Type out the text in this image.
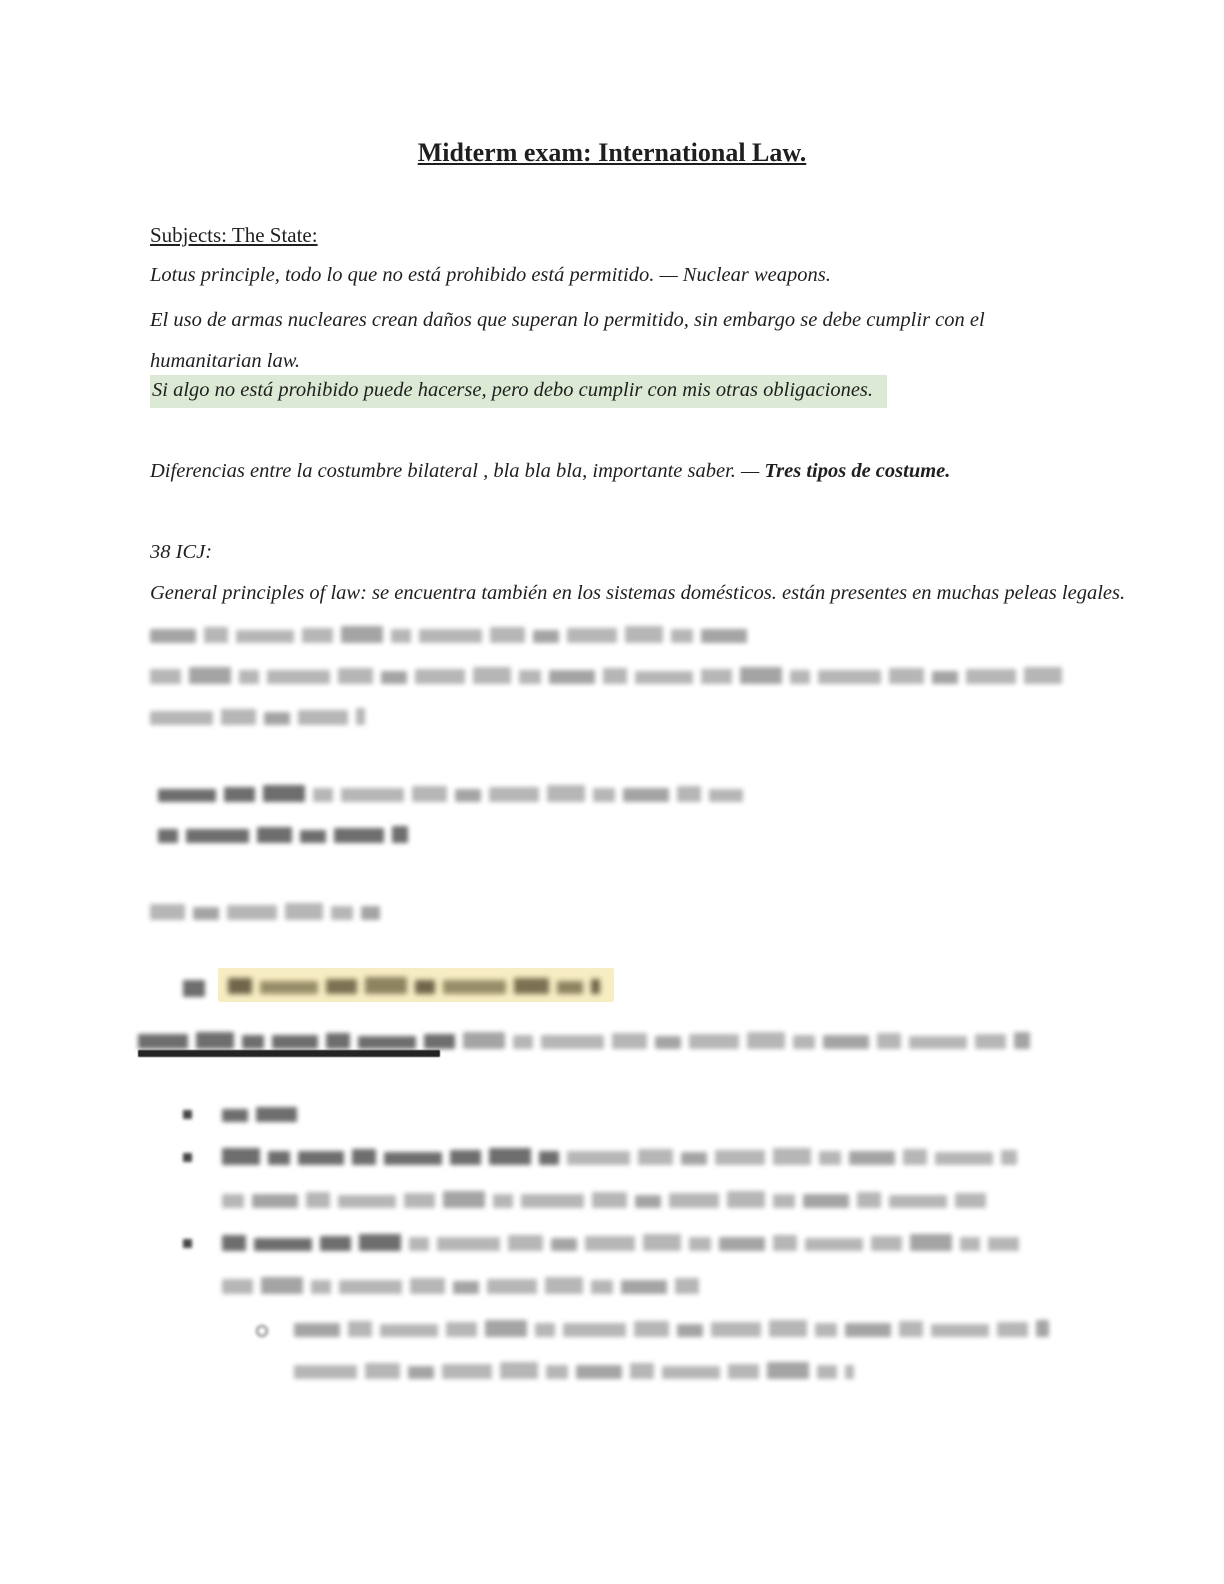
Midterm exam: International Law.
Subjects: The State:
Lotus principle, todo lo que no está prohibido está permitido. — Nuclear weapons.
El uso de armas nucleares crean daños que superan lo permitido, sin embargo se debe cumplir con el humanitarian law.
Si algo no está prohibido puede hacerse, pero debo cumplir con mis otras obligaciones.
Diferencias entre la costumbre bilateral , bla bla bla, importante saber. — Tres tipos de costume.
38 ICJ:
General principles of law: se encuentra también en los sistemas domésticos. están presentes en muchas peleas legales.
